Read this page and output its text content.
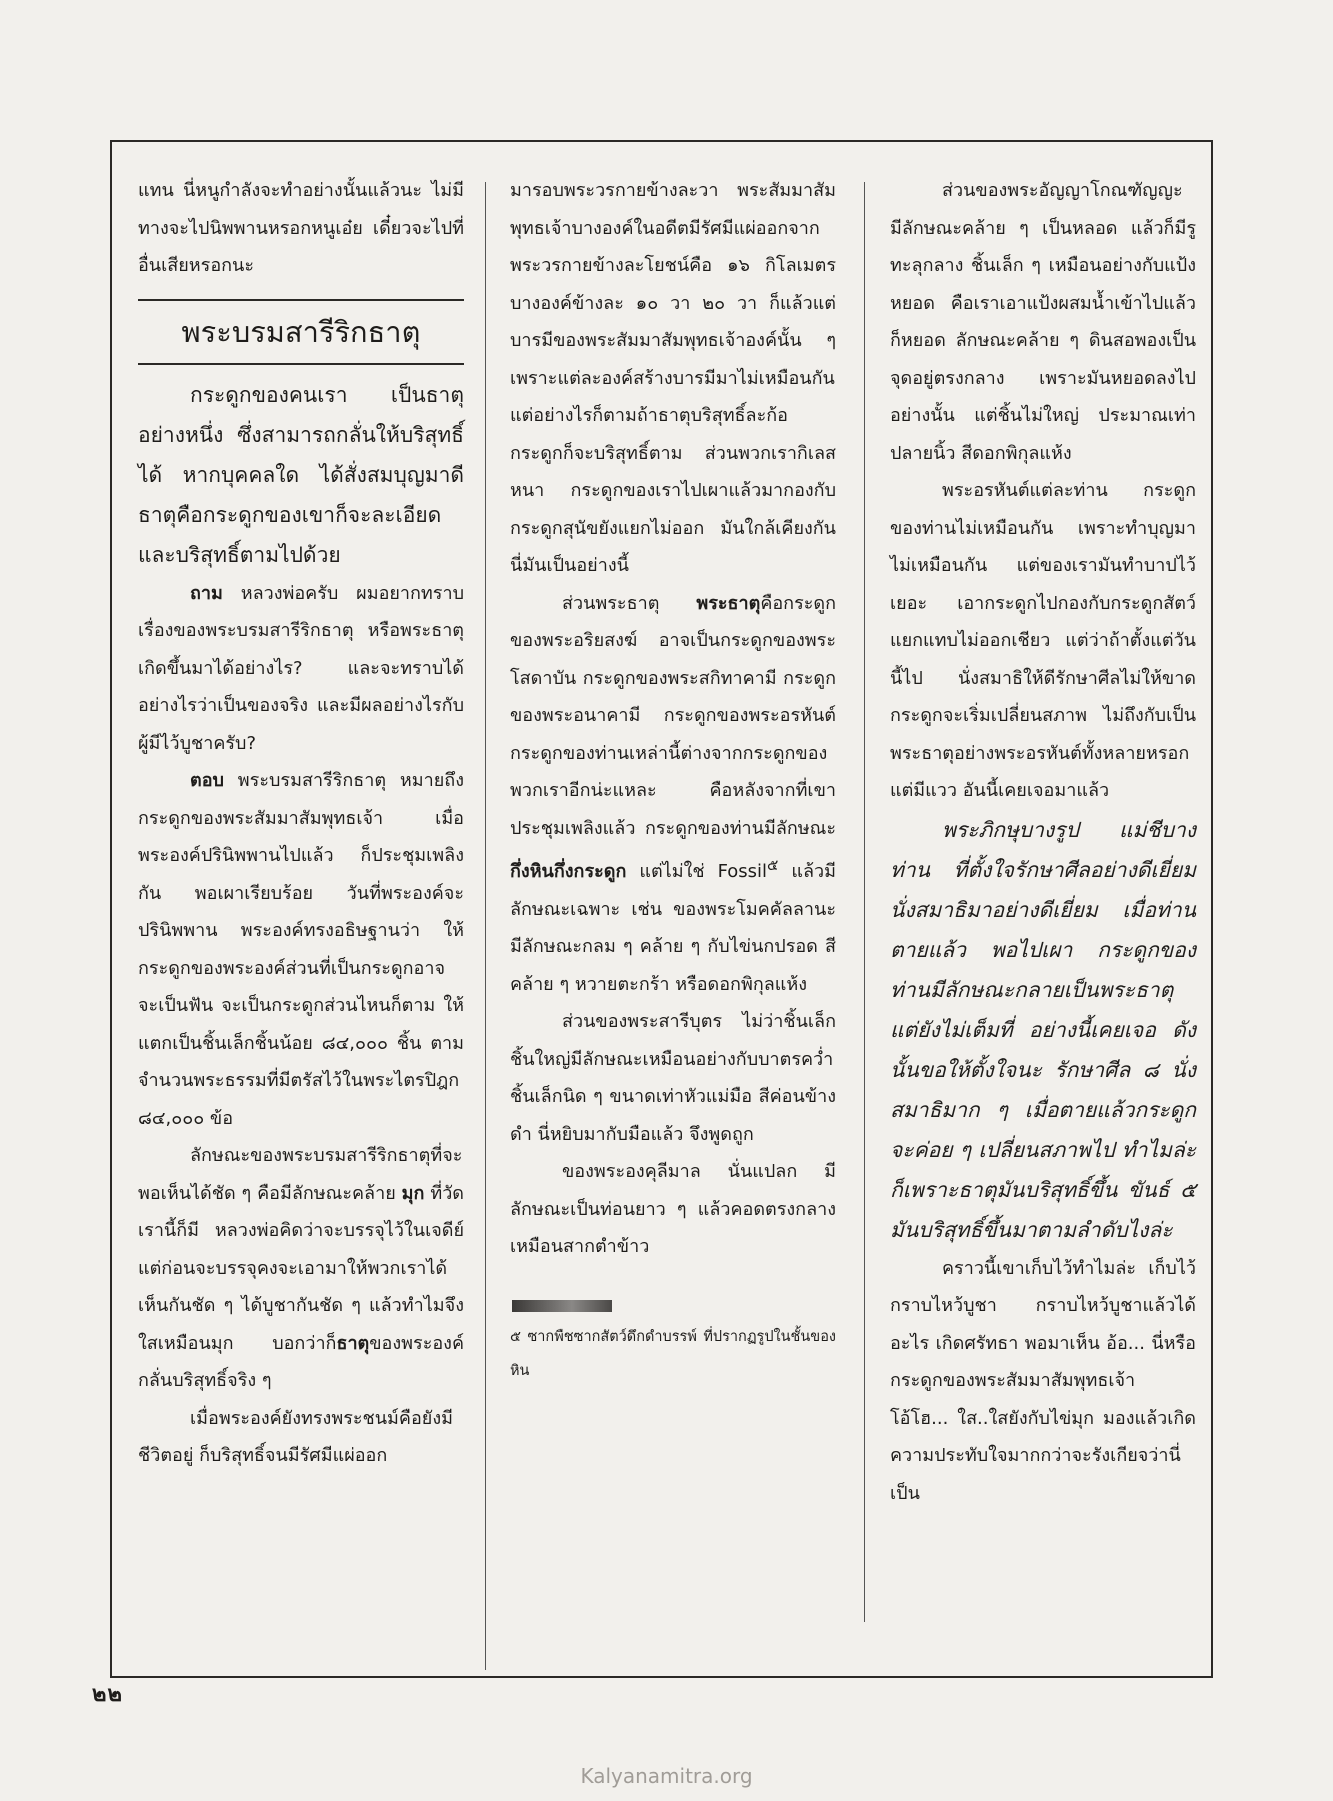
แทน นี่หนูกำลังจะทำอย่างนั้นแล้วนะ ไม่มีทางจะไปนิพพานหรอกหนูเอ๋ย เดี๋ยวจะไปที่อื่นเสียหรอกนะ

พระบรมสารีริกธาตุ

กระดูกของคนเรา เป็นธาตุอย่างหนึ่ง ซึ่งสามารถกลั่นให้บริสุทธิ์ได้ หากบุคคลใด ได้สั่งสมบุญมาดี ธาตุคือกระดูกของเขาก็จะละเอียดและบริสุทธิ์ตามไปด้วย

ถาม หลวงพ่อครับ ผมอยากทราบเรื่องของพระบรมสารีริกธาตุ หรือพระธาตุเกิดขึ้นมาได้อย่างไร? และจะทราบได้อย่างไรว่าเป็นของจริง และมีผลอย่างไรกับผู้มีไว้บูชาครับ?

ตอบ พระบรมสารีริกธาตุ หมายถึงกระดูกของพระสัมมาสัมพุทธเจ้า เมื่อพระองค์ปรินิพพานไปแล้ว ก็ประชุมเพลิงกัน พอเผาเรียบร้อย วันที่พระองค์จะปรินิพพาน พระองค์ทรงอธิษฐานว่า ให้กระดูกของพระองค์ส่วนที่เป็นกระดูกอาจจะเป็นฟัน จะเป็นกระดูกส่วนไหนก็ตาม ให้แตกเป็นชิ้นเล็กชิ้นน้อย ๘๔,๐๐๐ ชิ้น ตามจำนวนพระธรรมที่มีตรัสไว้ในพระไตรปิฎก ๘๔,๐๐๐ ข้อ

ลักษณะของพระบรมสารีริกธาตุที่จะพอเห็นได้ชัด ๆ คือมีลักษณะคล้าย มุก ที่วัดเรานี้ก็มี หลวงพ่อคิดว่าจะบรรจุไว้ในเจดีย์ แต่ก่อนจะบรรจุคงจะเอามาให้พวกเราได้เห็นกันชัด ๆ ได้บูชากันชัด ๆ แล้วทำไมจึงใสเหมือนมุก บอกว่าก็ธาตุของพระองค์กลั่นบริสุทธิ์จริง ๆ

เมื่อพระองค์ยังทรงพระชนม์คือยังมีชีวิตอยู่ ก็บริสุทธิ์จนมีรัศมีแผ่ออก

มารอบพระวรกายข้างละวา พระสัมมาสัมพุทธเจ้าบางองค์ในอดีตมีรัศมีแผ่ออกจากพระวรกายข้างละโยชน์คือ ๑๖ กิโลเมตร บางองค์ข้างละ ๑๐ วา ๒๐ วา ก็แล้วแต่บารมีของพระสัมมาสัมพุทธเจ้าองค์นั้น ๆ เพราะแต่ละองค์สร้างบารมีมาไม่เหมือนกัน แต่อย่างไรก็ตามถ้าธาตุบริสุทธิ์ละก้อ กระดูกก็จะบริสุทธิ์ตาม ส่วนพวกเรากิเลสหนา กระดูกของเราไปเผาแล้วมากองกับกระดูกสุนัขยังแยกไม่ออก มันใกล้เคียงกัน นี่มันเป็นอย่างนี้

ส่วนพระธาตุ พระธาตุคือกระดูกของพระอริยสงฆ์ อาจเป็นกระดูกของพระโสดาบัน กระดูกของพระสกิทาคามี กระดูกของพระอนาคามี กระดูกของพระอรหันต์ กระดูกของท่านเหล่านี้ต่างจากกระดูกของพวกเราอีกน่ะแหละ คือหลังจากที่เขาประชุมเพลิงแล้ว กระดูกของท่านมีลักษณะกึ่งหินกึ่งกระดูก แต่ไม่ใช่ Fossil$^๕$ แล้วมีลักษณะเฉพาะ เช่น ของพระโมคคัลลานะ มีลักษณะกลม ๆ คล้าย ๆ กับไข่นกปรอด สีคล้าย ๆ หวายตะกร้า หรือดอกพิกุลแห้ง

ส่วนของพระสารีบุตร ไม่ว่าชิ้นเล็กชิ้นใหญ่มีลักษณะเหมือนอย่างกับบาตรคว่ำชิ้นเล็กนิด ๆ ขนาดเท่าหัวแม่มือ สีค่อนข้างดำ นี่หยิบมากับมือแล้ว จึงพูดถูก

ของพระองคุลีมาล นั่นแปลก มีลักษณะเป็นท่อนยาว ๆ แล้วคอดตรงกลาง เหมือนสากตำข้าว

๕ ซากพืชซากสัตว์ดึกดำบรรพ์ ที่ปรากฏรูปในชั้นของหิน

ส่วนของพระอัญญาโกณฑัญญะ มีลักษณะคล้าย ๆ เป็นหลอด แล้วก็มีรูทะลุกลาง ชิ้นเล็ก ๆ เหมือนอย่างกับแป้งหยอด คือเราเอาแป้งผสมน้ำเข้าไปแล้วก็หยอด ลักษณะคล้าย ๆ ดินสอพองเป็นจุดอยู่ตรงกลาง เพราะมันหยอดลงไปอย่างนั้น แต่ชิ้นไม่ใหญ่ ประมาณเท่าปลายนิ้ว สีดอกพิกุลแห้ง

พระอรหันต์แต่ละท่าน กระดูกของท่านไม่เหมือนกัน เพราะทำบุญมาไม่เหมือนกัน แต่ของเรามันทำบาปไว้เยอะ เอากระดูกไปกองกับกระดูกสัตว์แยกแทบไม่ออกเชียว แต่ว่าถ้าตั้งแต่วันนี้ไป นั่งสมาธิให้ดีรักษาศีลไม่ให้ขาด กระดูกจะเริ่มเปลี่ยนสภาพ ไม่ถึงกับเป็นพระธาตุอย่างพระอรหันต์ทั้งหลายหรอก แต่มีแวว อันนี้เคยเจอมาแล้ว

พระภิกษุบางรูป แม่ชีบางท่าน ที่ตั้งใจรักษาศีลอย่างดีเยี่ยม นั่งสมาธิมาอย่างดีเยี่ยม เมื่อท่านตายแล้ว พอไปเผา กระดูกของท่านมีลักษณะกลายเป็นพระธาตุ แต่ยังไม่เต็มที่ อย่างนี้เคยเจอ ดังนั้นขอให้ตั้งใจนะ รักษาศีล ๘ นั่งสมาธิมาก ๆ เมื่อตายแล้วกระดูกจะค่อย ๆ เปลี่ยนสภาพไป ทำไมล่ะ ก็เพราะธาตุมันบริสุทธิ์ขึ้น ขันธ์ ๕ มันบริสุทธิ์ขึ้นมาตามลำดับไงล่ะ

คราวนี้เขาเก็บไว้ทำไมล่ะ เก็บไว้กราบไหว้บูชา กราบไหว้บูชาแล้วได้อะไร เกิดศรัทธา พอมาเห็น อ้อ... นี่หรือกระดูกของพระสัมมาสัมพุทธเจ้า โอ้โฮ... ใส..ใสยังกับไข่มุก มองแล้วเกิดความประทับใจมากกว่าจะรังเกียจว่านี่เป็น

๒๒
Kalyanamitra.org
